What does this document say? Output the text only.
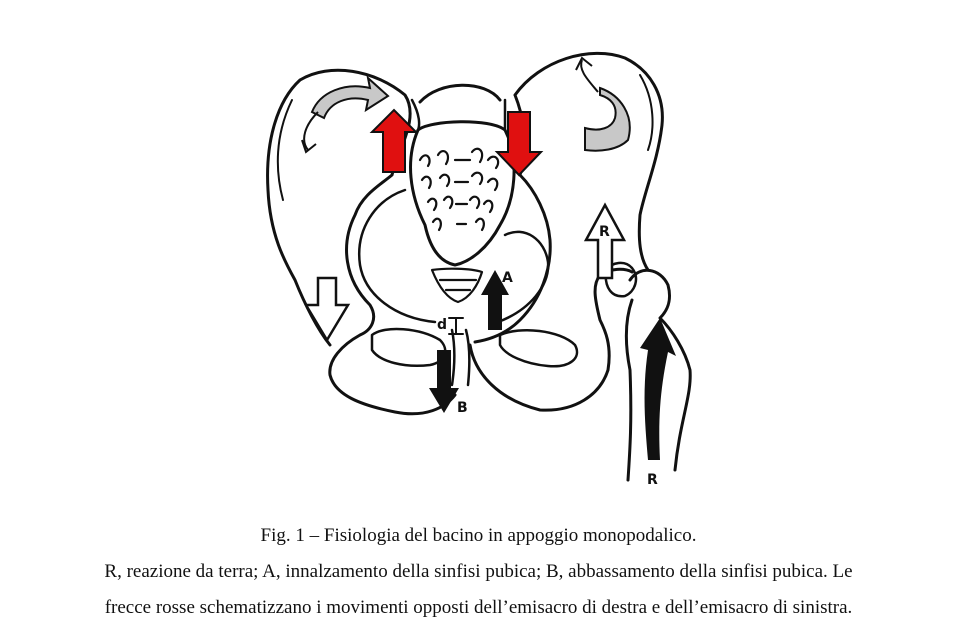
A
B
R
R
d
Fig. 1 – Fisiologia del bacino in appoggio monopodalico.
R, reazione da terra; A, innalzamento della sinfisi pubica; B, abbassamento della sinfisi pubica. Le
frecce rosse schematizzano i movimenti opposti dell’emisacro di destra e dell’emisacro di sinistra.
